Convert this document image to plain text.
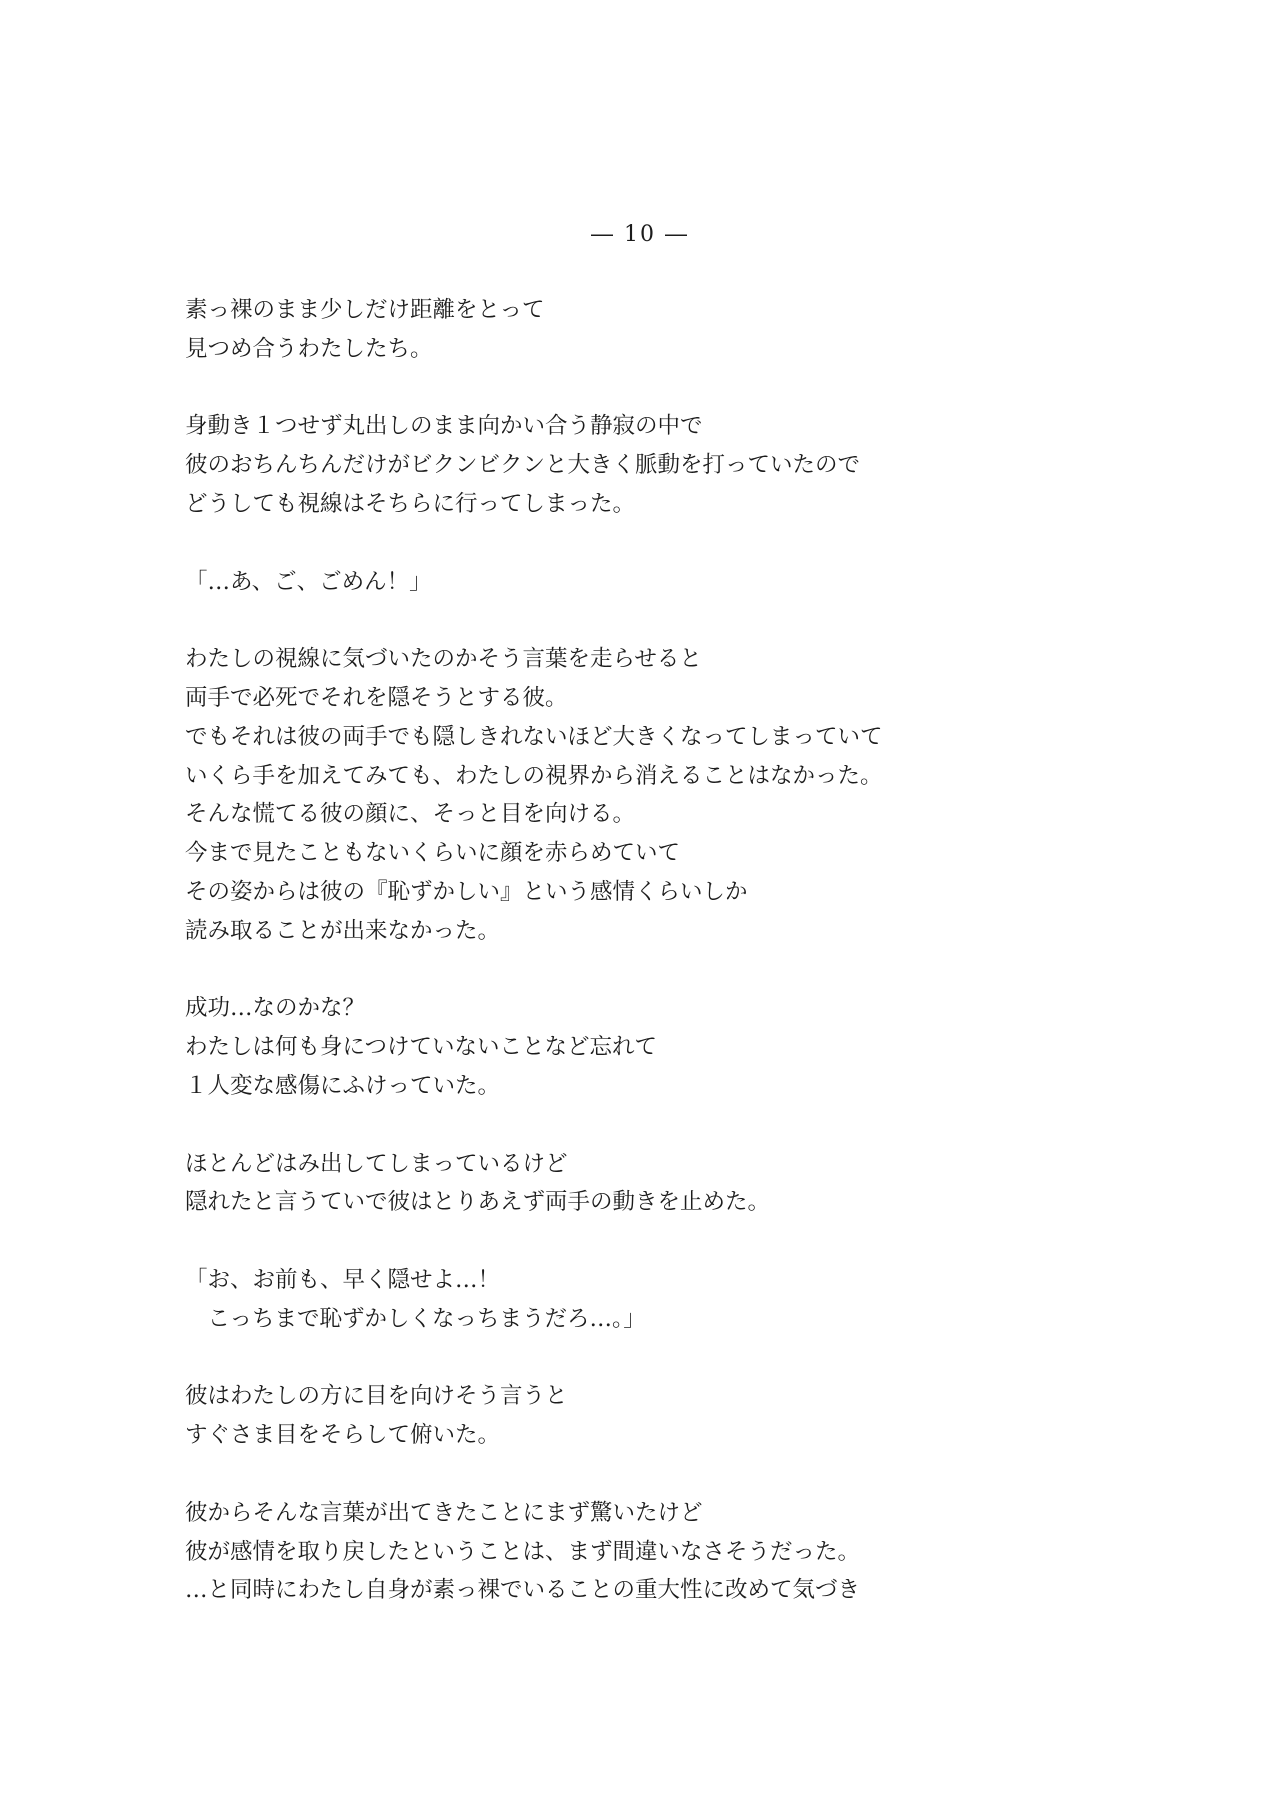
― 10 ―
素っ裸のまま少しだけ距離をとって
見つめ合うわたしたち。
身動き１つせず丸出しのまま向かい合う静寂の中で
彼のおちんちんだけがビクンビクンと大きく脈動を打っていたので
どうしても視線はそちらに行ってしまった。
「…あ、ご、ごめん！」
わたしの視線に気づいたのかそう言葉を走らせると
両手で必死でそれを隠そうとする彼。
でもそれは彼の両手でも隠しきれないほど大きくなってしまっていて
いくら手を加えてみても、わたしの視界から消えることはなかった。
そんな慌てる彼の顔に、そっと目を向ける。
今まで見たこともないくらいに顔を赤らめていて
その姿からは彼の『恥ずかしい』という感情くらいしか
読み取ることが出来なかった。
成功…なのかな？
わたしは何も身につけていないことなど忘れて
１人変な感傷にふけっていた。
ほとんどはみ出してしまっているけど
隠れたと言うていで彼はとりあえず両手の動きを止めた。
「お、お前も、早く隠せよ…！
　こっちまで恥ずかしくなっちまうだろ…。」
彼はわたしの方に目を向けそう言うと
すぐさま目をそらして俯いた。
彼からそんな言葉が出てきたことにまず驚いたけど
彼が感情を取り戻したということは、まず間違いなさそうだった。
…と同時にわたし自身が素っ裸でいることの重大性に改めて気づき
